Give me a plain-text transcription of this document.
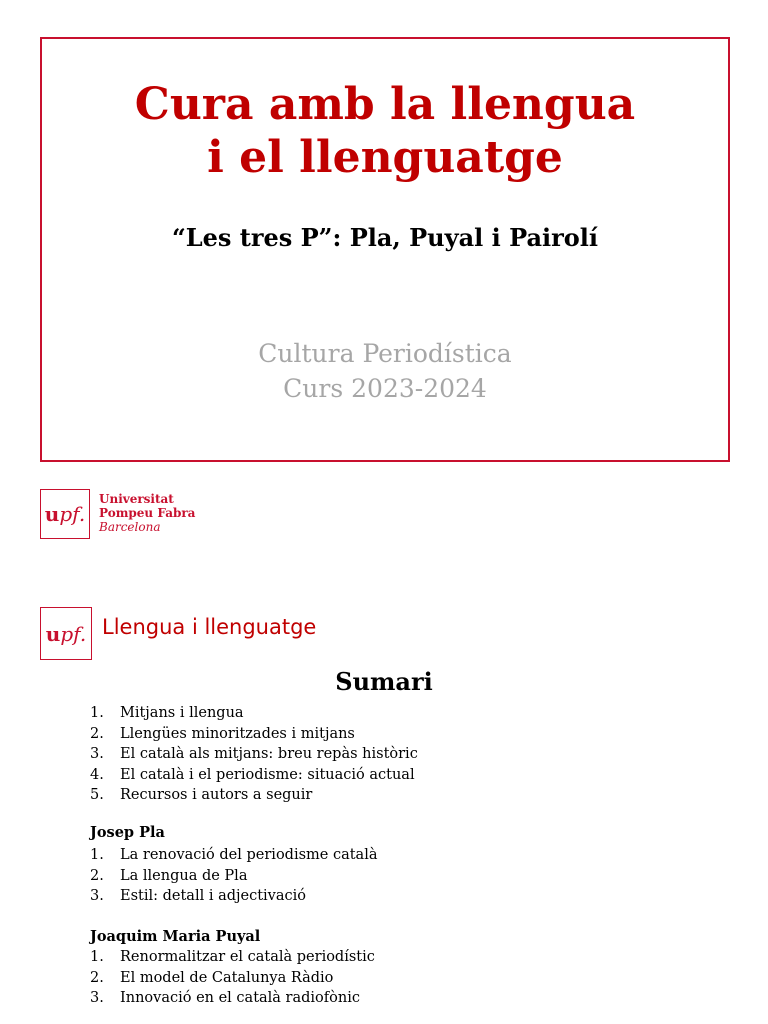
Cura amb la llengua
i el llenguatge

“Les tres P”: Pla, Puyal i Pairolí

Cultura Periodística
Curs 2023-2024
u pf.
Universitat
Pompeu Fabra
Barcelona
u pf. Llengua i llenguatge
Sumari
1. Mitjans i llengua
2. Llengües minoritzades i mitjans
3. El català als mitjans: breu repàs històric
4. El català i el periodisme: situació actual
5. Recursos i autors a seguir
Josep Pla
1. La renovació del periodisme català
2. La llengua de Pla
3. Estil: detall i adjectivació
Joaquim Maria Puyal
1. Renormalitzar el català periodístic
2. El model de Catalunya Ràdio
3. Innovació en el català radiofònic
